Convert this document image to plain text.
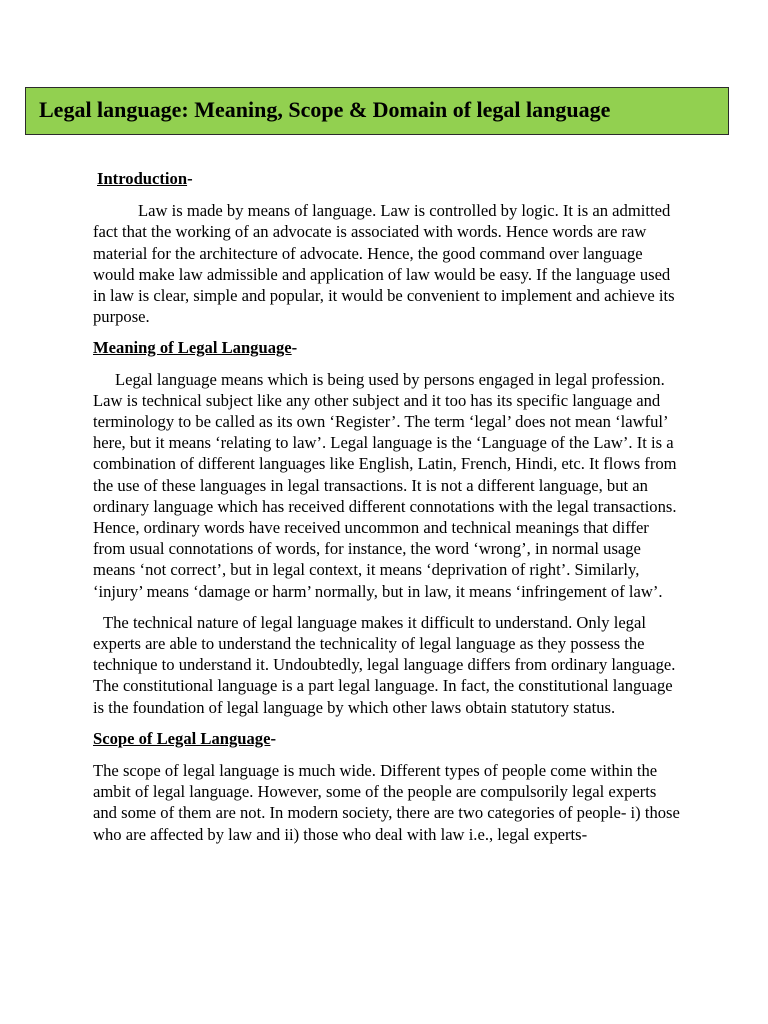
Legal language: Meaning, Scope & Domain of legal language
Introduction-

Law is made by means of language. Law is controlled by logic. It is an admitted fact that the working of an advocate is associated with words. Hence words are raw material for the architecture of advocate. Hence, the good command over language would make law admissible and application of law would be easy. If the language used in law is clear, simple and popular, it would be convenient to implement and achieve its purpose.

Meaning of Legal Language-

Legal language means which is being used by persons engaged in legal profession. Law is technical subject like any other subject and it too has its specific language and terminology to be called as its own ‘Register’. The term ‘legal’ does not mean ‘lawful’ here, but it means ‘relating to law’. Legal language is the ‘Language of the Law’. It is a combination of different languages like English, Latin, French, Hindi, etc. It flows from the use of these languages in legal transactions. It is not a different language, but an ordinary language which has received different connotations with the legal transactions. Hence, ordinary words have received uncommon and technical meanings that differ from usual connotations of words, for instance, the word ‘wrong’, in normal usage means ‘not correct’, but in legal context, it means ‘deprivation of right’. Similarly, ‘injury’ means ‘damage or harm’ normally, but in law, it means ‘infringement of law’.

The technical nature of legal language makes it difficult to understand. Only legal experts are able to understand the technicality of legal language as they possess the technique to understand it. Undoubtedly, legal language differs from ordinary language. The constitutional language is a part legal language. In fact, the constitutional language is the foundation of legal language by which other laws obtain statutory status.

Scope of Legal Language-

The scope of legal language is much wide. Different types of people come within the ambit of legal language. However, some of the people are compulsorily legal experts and some of them are not. In modern society, there are two categories of people- i) those who are affected by law and ii) those who deal with law i.e., legal experts-
